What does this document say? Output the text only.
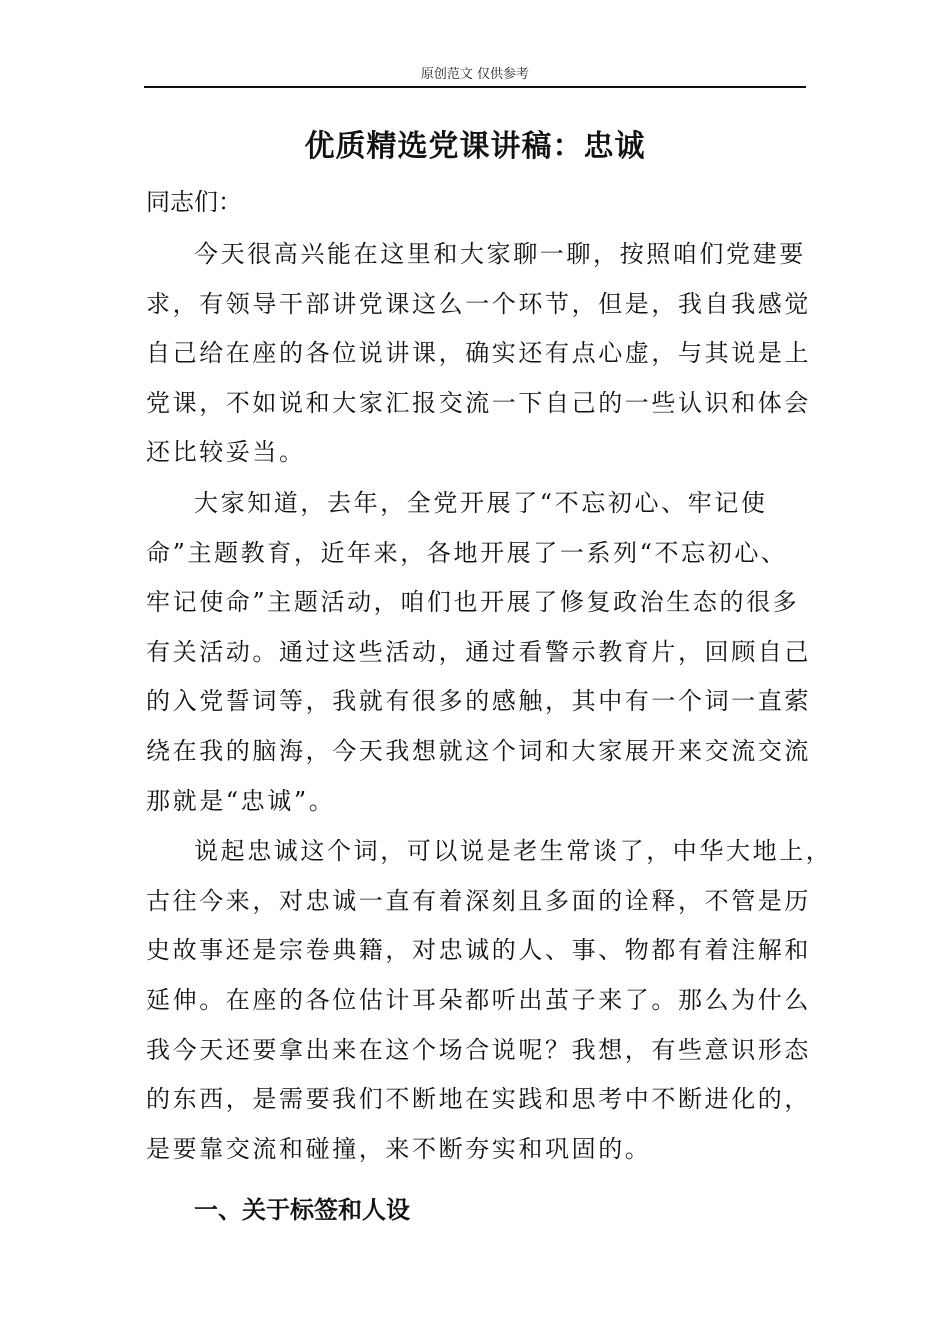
原创范文 仅供参考
优质精选党课讲稿：忠诚

同志们：

今天很高兴能在这里和大家聊一聊，按照咱们党建要
求，有领导干部讲党课这么一个环节，但是，我自我感觉
自己给在座的各位说讲课，确实还有点心虚，与其说是上
党课，不如说和大家汇报交流一下自己的一些认识和体会
还比较妥当。

大家知道，去年，全党开展了“不忘初心、牢记使
命”主题教育，近年来，各地开展了一系列“不忘初心、
牢记使命”主题活动，咱们也开展了修复政治生态的很多
有关活动。通过这些活动，通过看警示教育片，回顾自己
的入党誓词等，我就有很多的感触，其中有一个词一直萦
绕在我的脑海，今天我想就这个词和大家展开来交流交流
那就是“忠诚”。

说起忠诚这个词，可以说是老生常谈了，中华大地上，
古往今来，对忠诚一直有着深刻且多面的诠释，不管是历
史故事还是宗卷典籍，对忠诚的人、事、物都有着注解和
延伸。在座的各位估计耳朵都听出茧子来了。那么为什么
我今天还要拿出来在这个场合说呢？我想，有些意识形态
的东西，是需要我们不断地在实践和思考中不断进化的，
是要靠交流和碰撞，来不断夯实和巩固的。

一、关于标签和人设
